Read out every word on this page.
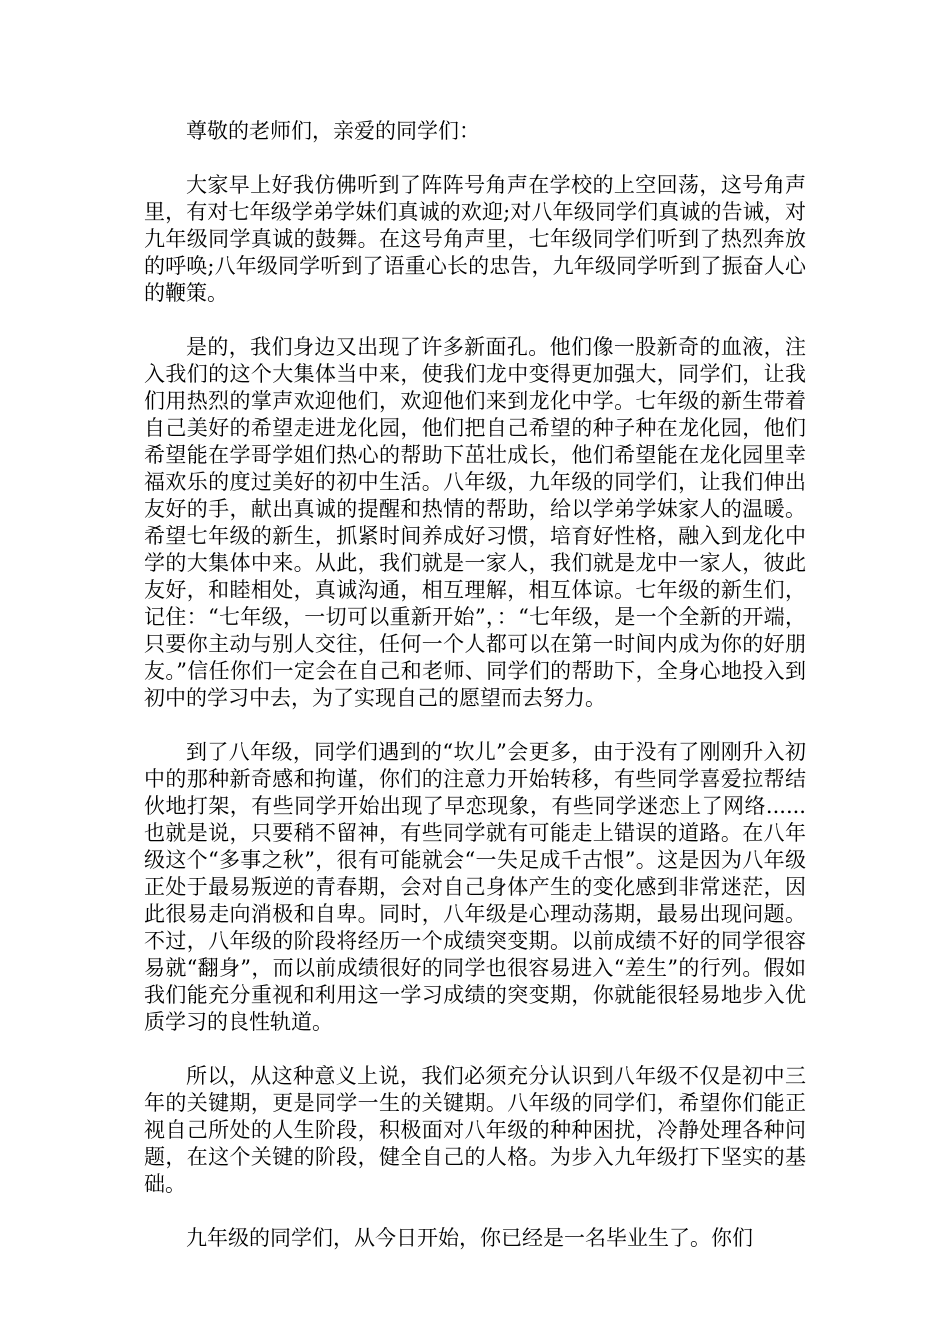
尊敬的老师们，亲爱的同学们：

大家早上好我仿佛听到了阵阵号角声在学校的上空回荡，这号角声里，有对七年级学弟学妹们真诚的欢迎;对八年级同学们真诚的告诫，对九年级同学真诚的鼓舞。在这号角声里，七年级同学们听到了热烈奔放的呼唤;八年级同学听到了语重心长的忠告，九年级同学听到了振奋人心的鞭策。

是的，我们身边又出现了许多新面孔。他们像一股新奇的血液，注入我们的这个大集体当中来，使我们龙中变得更加强大，同学们，让我们用热烈的掌声欢迎他们，欢迎他们来到龙化中学。七年级的新生带着自己美好的希望走进龙化园，他们把自己希望的种子种在龙化园，他们希望能在学哥学姐们热心的帮助下茁壮成长，他们希望能在龙化园里幸福欢乐的度过美好的初中生活。八年级，九年级的同学们，让我们伸出友好的手，献出真诚的提醒和热情的帮助，给以学弟学妹家人的温暖。希望七年级的新生，抓紧时间养成好习惯，培育好性格，融入到龙化中学的大集体中来。从此，我们就是一家人，我们就是龙中一家人，彼此友好，和睦相处，真诚沟通，相互理解，相互体谅。七年级的新生们，记住：“七年级，一切可以重新开始”，：“七年级，是一个全新的开端，只要你主动与别人交往，任何一个人都可以在第一时间内成为你的好朋友。”信任你们一定会在自己和老师、同学们的帮助下，全身心地投入到初中的学习中去，为了实现自己的愿望而去努力。

到了八年级，同学们遇到的“坎儿”会更多，由于没有了刚刚升入初中的那种新奇感和拘谨，你们的注意力开始转移，有些同学喜爱拉帮结伙地打架，有些同学开始出现了早恋现象，有些同学迷恋上了网络......也就是说，只要稍不留神，有些同学就有可能走上错误的道路。在八年级这个“多事之秋”，很有可能就会“一失足成千古恨”。这是因为八年级正处于最易叛逆的青春期，会对自己身体产生的变化感到非常迷茫，因此很易走向消极和自卑。同时，八年级是心理动荡期，最易出现问题。不过，八年级的阶段将经历一个成绩突变期。以前成绩不好的同学很容易就“翻身”，而以前成绩很好的同学也很容易进入“差生”的行列。假如我们能充分重视和利用这一学习成绩的突变期，你就能很轻易地步入优质学习的良性轨道。

所以，从这种意义上说，我们必须充分认识到八年级不仅是初中三年的关键期，更是同学一生的关键期。八年级的同学们，希望你们能正视自己所处的人生阶段，积极面对八年级的种种困扰，冷静处理各种问题，在这个关键的阶段，健全自己的人格。为步入九年级打下坚实的基础。

九年级的同学们，从今日开始，你已经是一名毕业生了。你们
